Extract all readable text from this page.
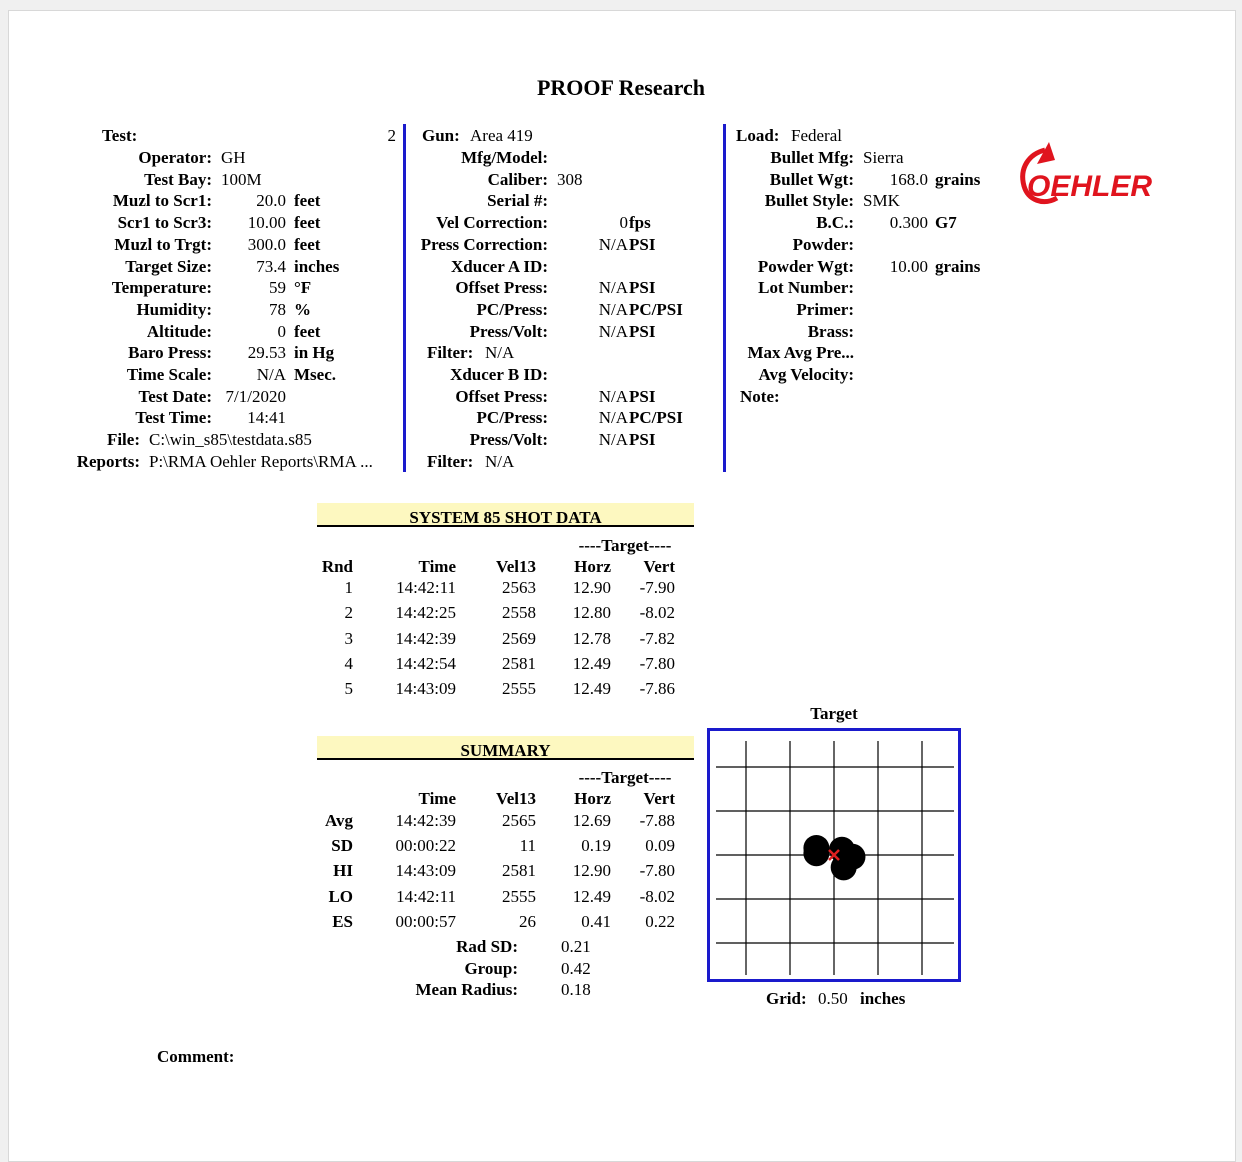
PROOF Research
OEHLER
Test:	2
Operator: GH
Test Bay: 100M
Muzl to Scr1:	20.0 feet
Scr1 to Scr3:	10.00 feet
Muzl to Trgt:	300.0 feet
Target Size:	73.4 inches
Temperature:	59 °F
Humidity:	78 %
Altitude:	0 feet
Baro Press:	29.53 in Hg
Time Scale:	N/A Msec.
Test Date: 7/1/2020
Test Time:	14:41
File: C:\win_s85\testdata.s85
Reports: P:\RMA Oehler Reports\RMA ...
Gun: Area 419
Mfg/Model:
Caliber: 308
Serial #:
Vel Correction:	0 fps
Press Correction:	N/A PSI
Xducer A ID:
Offset Press:	N/A PSI
PC/Press:	N/A PC/PSI
Press/Volt:	N/A PSI
Filter: N/A
Xducer B ID:
Offset Press:	N/A PSI
PC/Press:	N/A PC/PSI
Press/Volt:	N/A PSI
Filter: N/A
Load: Federal
Bullet Mfg: Sierra
Bullet Wgt:	168.0 grains
Bullet Style: SMK
B.C.:	0.300 G7
Powder:
Powder Wgt:	10.00 grains
Lot Number:
Primer:
Brass:
Max Avg Pre...
Avg Velocity:
Note:
SYSTEM 85 SHOT DATA
----Target----
Rnd	Time	Vel13	Horz	Vert
1	14:42:11	2563	12.90	-7.90
2	14:42:25	2558	12.80	-8.02
3	14:42:39	2569	12.78	-7.82
4	14:42:54	2581	12.49	-7.80
5	14:43:09	2555	12.49	-7.86
SUMMARY
----Target----
Time	Vel13	Horz	Vert
Avg	14:42:39	2565	12.69	-7.88
SD	00:00:22	11	0.19	0.09
HI	14:43:09	2581	12.90	-7.80
LO	14:42:11	2555	12.49	-8.02
ES	00:00:57	26	0.41	0.22
Rad SD:	0.21
Group:	0.42
Mean Radius:	0.18
Target
Grid: 0.50 inches
Comment:
